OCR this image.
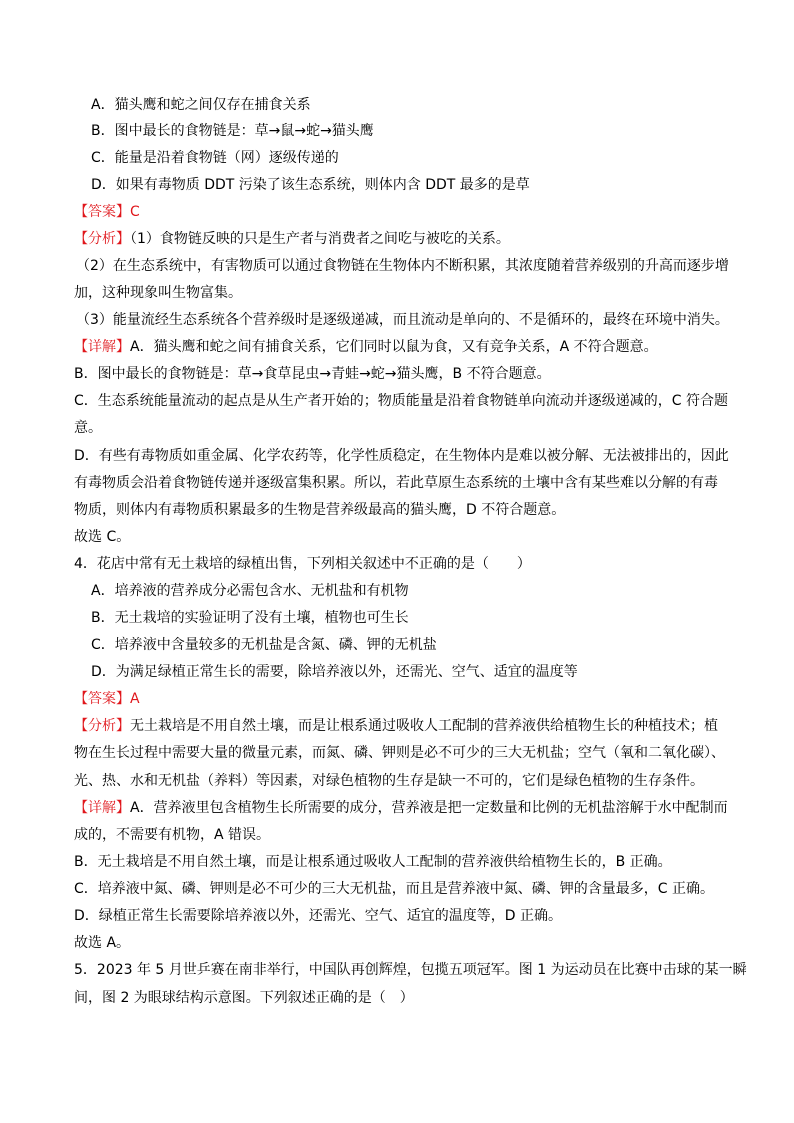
A．猫头鹰和蛇之间仅存在捕食关系
B．图中最长的食物链是：草→鼠→蛇→猫头鹰
C．能量是沿着食物链（网）逐级传递的
D．如果有毒物质 DDT 污染了该生态系统，则体内含 DDT 最多的是草
【答案】C
【分析】（1）食物链反映的只是生产者与消费者之间吃与被吃的关系。
（2）在生态系统中，有害物质可以通过食物链在生物体内不断积累，其浓度随着营养级别的升高而逐步增
加，这种现象叫生物富集。
（3）能量流经生态系统各个营养级时是逐级递减，而且流动是单向的、不是循环的，最终在环境中消失。
【详解】A．猫头鹰和蛇之间有捕食关系，它们同时以鼠为食，又有竞争关系，A 不符合题意。
B．图中最长的食物链是：草→食草昆虫→青蛙→蛇→猫头鹰，B 不符合题意。
C．生态系统能量流动的起点是从生产者开始的；物质能量是沿着食物链单向流动并逐级递减的，C 符合题
意。
D．有些有毒物质如重金属、化学农药等，化学性质稳定，在生物体内是难以被分解、无法被排出的，因此
有毒物质会沿着食物链传递并逐级富集积累。所以，若此草原生态系统的土壤中含有某些难以分解的有毒
物质，则体内有毒物质积累最多的生物是营养级最高的猫头鹰，D 不符合题意。
故选 C。
4．花店中常有无土栽培的绿植出售，下列相关叙述中不正确的是（　　）
A．培养液的营养成分必需包含水、无机盐和有机物
B．无土栽培的实验证明了没有土壤，植物也可生长
C．培养液中含量较多的无机盐是含氮、磷、钾的无机盐
D．为满足绿植正常生长的需要，除培养液以外，还需光、空气、适宜的温度等
【答案】A
【分析】无土栽培是不用自然土壤，而是让根系通过吸收人工配制的营养液供给植物生长的种植技术；植
物在生长过程中需要大量的微量元素，而氮、磷、钾则是必不可少的三大无机盐；空气（氧和二氧化碳）、
光、热、水和无机盐（养料）等因素，对绿色植物的生存是缺一不可的，它们是绿色植物的生存条件。
【详解】A．营养液里包含植物生长所需要的成分，营养液是把一定数量和比例的无机盐溶解于水中配制而
成的，不需要有机物，A 错误。
B．无土栽培是不用自然土壤，而是让根系通过吸收人工配制的营养液供给植物生长的，B 正确。
C．培养液中氮、磷、钾则是必不可少的三大无机盐，而且是营养液中氮、磷、钾的含量最多，C 正确。
D．绿植正常生长需要除培养液以外，还需光、空气、适宜的温度等，D 正确。
故选 A。
5．2023 年 5 月世乒赛在南非举行，中国队再创辉煌，包揽五项冠军。图 1 为运动员在比赛中击球的某一瞬
间，图 2 为眼球结构示意图。下列叙述正确的是（　）
